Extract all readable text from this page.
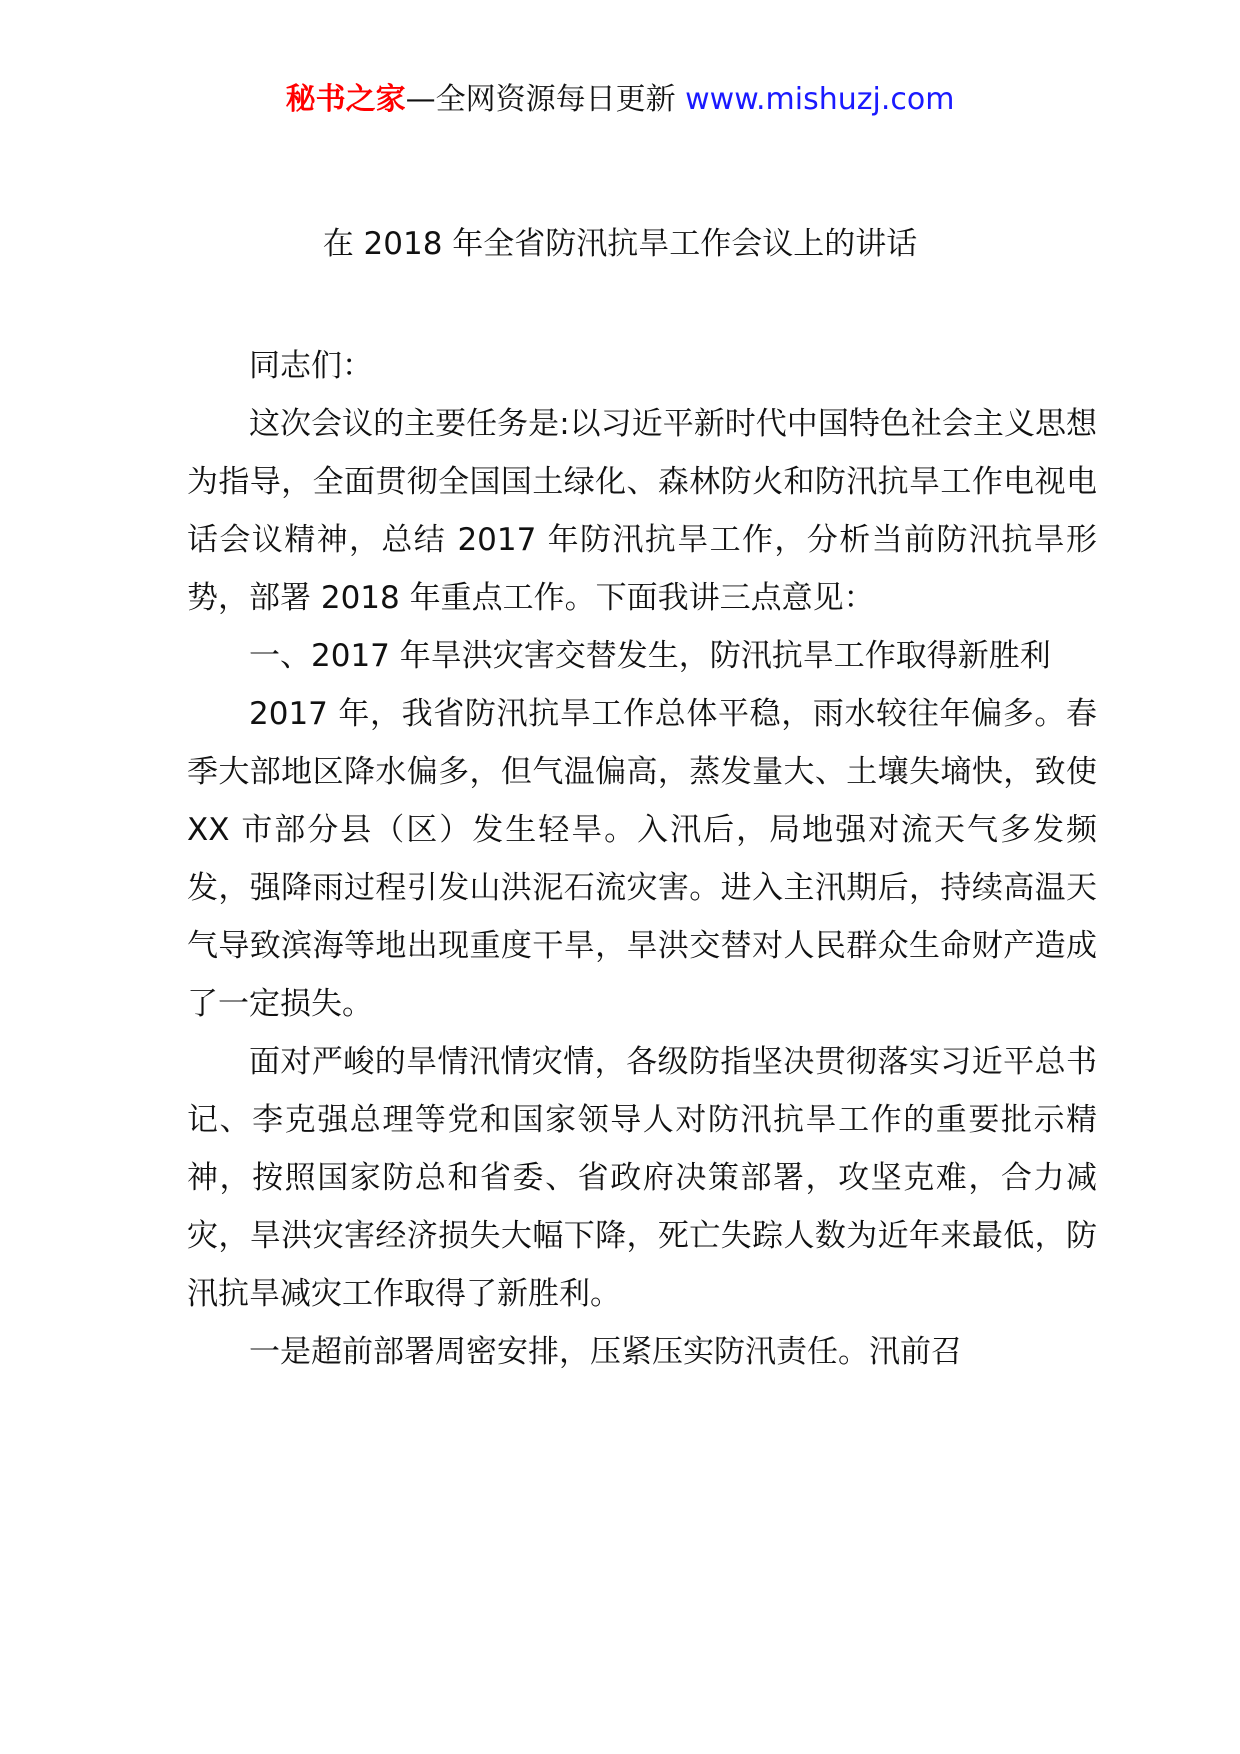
秘书之家—全网资源每日更新 www.mishuzj.com
在 2018 年全省防汛抗旱工作会议上的讲话

同志们：

这次会议的主要任务是:以习近平新时代中国特色社会主义思想为指导，全面贯彻全国国土绿化、森林防火和防汛抗旱工作电视电话会议精神，总结 2017 年防汛抗旱工作，分析当前防汛抗旱形势，部署 2018 年重点工作。下面我讲三点意见：

一、2017 年旱洪灾害交替发生，防汛抗旱工作取得新胜利

2017 年，我省防汛抗旱工作总体平稳，雨水较往年偏多。春季大部地区降水偏多，但气温偏高，蒸发量大、土壤失墒快，致使 XX 市部分县（区）发生轻旱。入汛后，局地强对流天气多发频发，强降雨过程引发山洪泥石流灾害。进入主汛期后，持续高温天气导致滨海等地出现重度干旱，旱洪交替对人民群众生命财产造成了一定损失。

面对严峻的旱情汛情灾情，各级防指坚决贯彻落实习近平总书记、李克强总理等党和国家领导人对防汛抗旱工作的重要批示精神，按照国家防总和省委、省政府决策部署，攻坚克难，合力减灾，旱洪灾害经济损失大幅下降，死亡失踪人数为近年来最低，防汛抗旱减灾工作取得了新胜利。

一是超前部署周密安排，压紧压实防汛责任。汛前召
